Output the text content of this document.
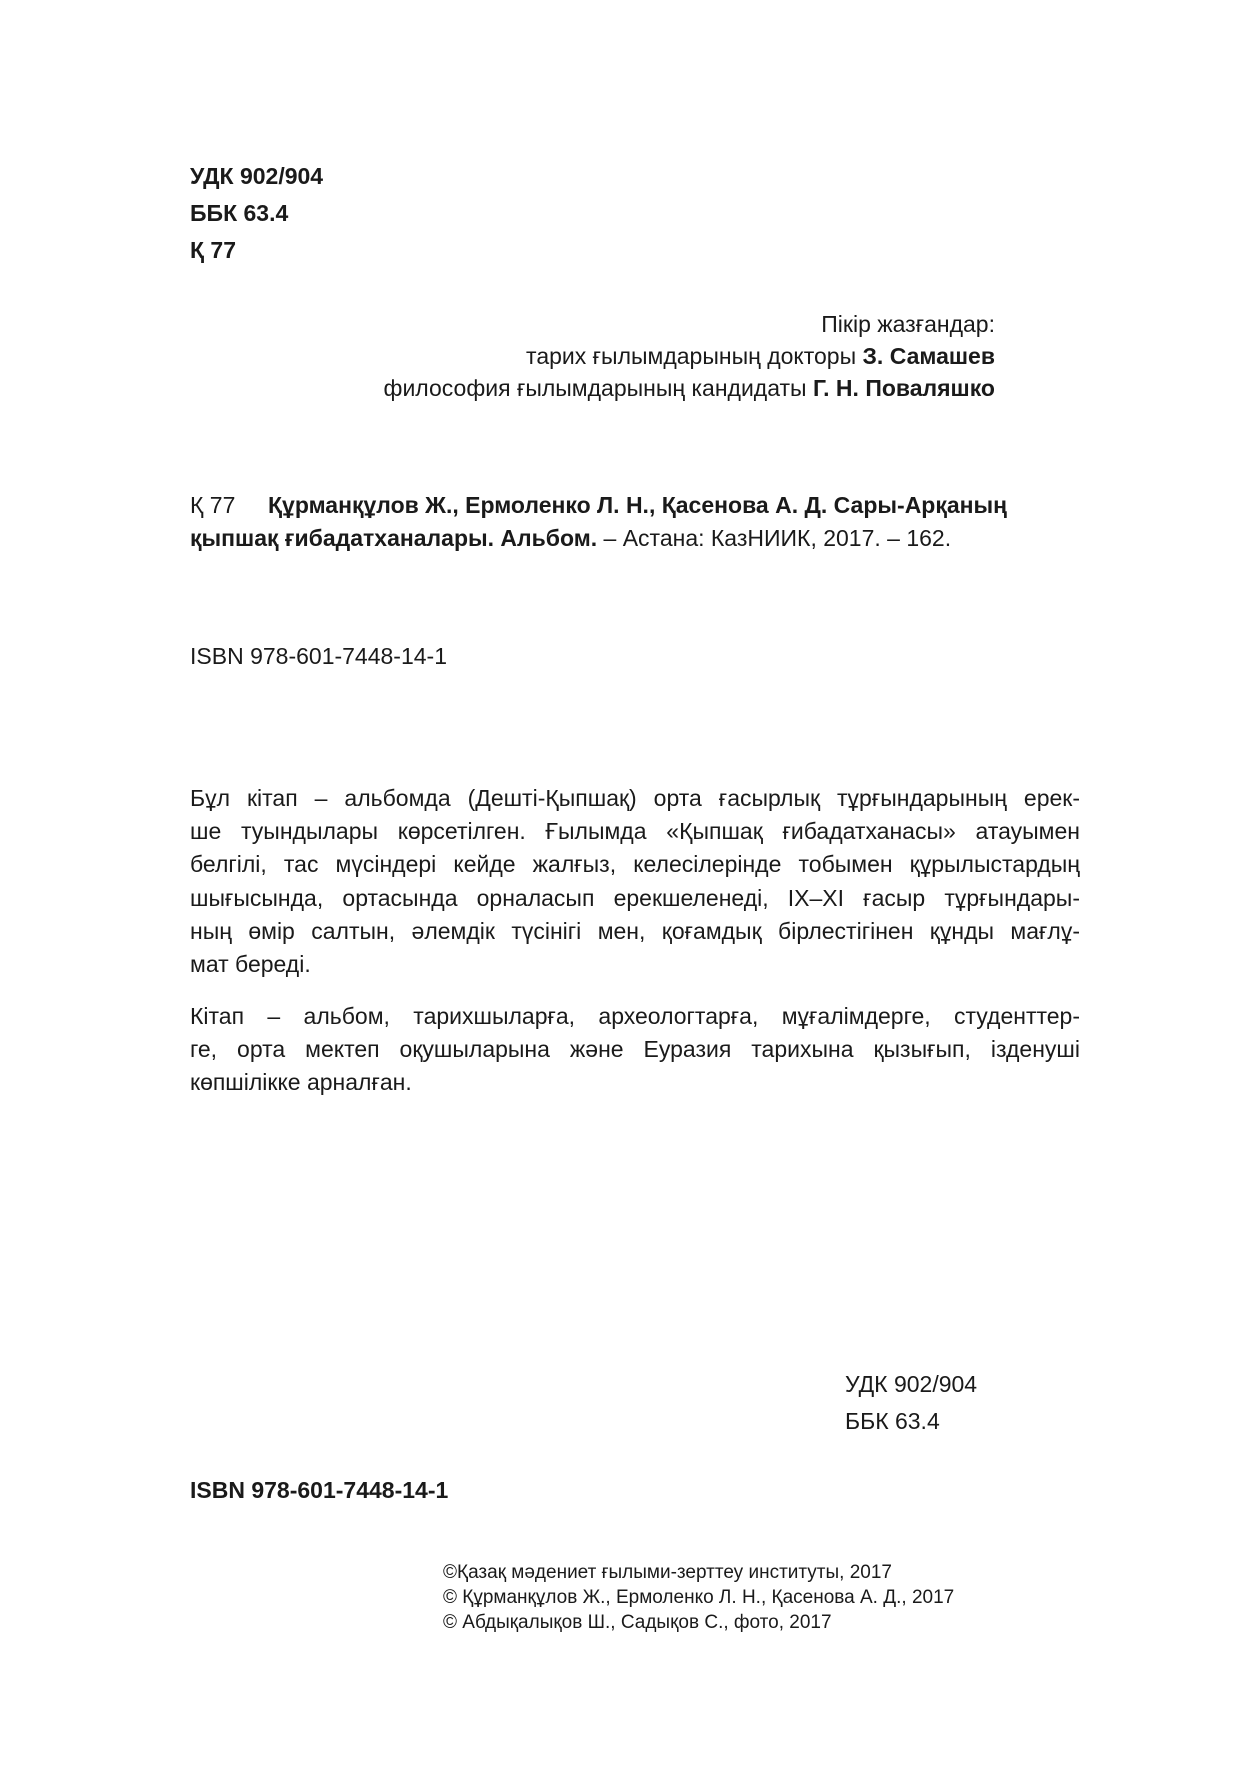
УДК 902/904
ББК 63.4
Қ 77
Пікір жазғандар:
тарих ғылымдарының докторы З. Самашев
философия ғылымдарының кандидаты Г. Н. Поваляшко
Қ 77 Құрманқұлов Ж., Ермоленко Л. Н., Қасенова А. Д. Сары-Арқаның
қыпшақ ғибадатханалары. Альбом. – Астана: КазНИИК, 2017. – 162.
ISBN 978-601-7448-14-1
Бұл кітап – альбомда (Дешті-Қыпшақ) орта ғасырлық тұрғындарының ерек-
ше туындылары көрсетілген. Ғылымда «Қыпшақ ғибадатханасы» атауымен
белгілі, тас мүсіндері кейде жалғыз, келесілерінде тобымен құрылыстардың
шығысында, ортасында орналасып ерекшеленеді, IX–XI ғасыр тұрғындары-
ның өмір салтын, әлемдік түсінігі мен, қоғамдық бірлестігінен құнды мағлұ-
мат береді.
Кітап – альбом, тарихшыларға, археологтарға, мұғалімдерге, студенттер-
ге, орта мектеп оқушыларына және Еуразия тарихына қызығып, ізденуші
көпшілікке арналған.
УДК 902/904
ББК 63.4
ISBN 978-601-7448-14-1
©Қазақ мәдениет ғылыми-зерттеу институты, 2017
© Құрманқұлов Ж., Ермоленко Л. Н., Қасенова А. Д., 2017
© Абдықалықов Ш., Садықов С., фото, 2017
